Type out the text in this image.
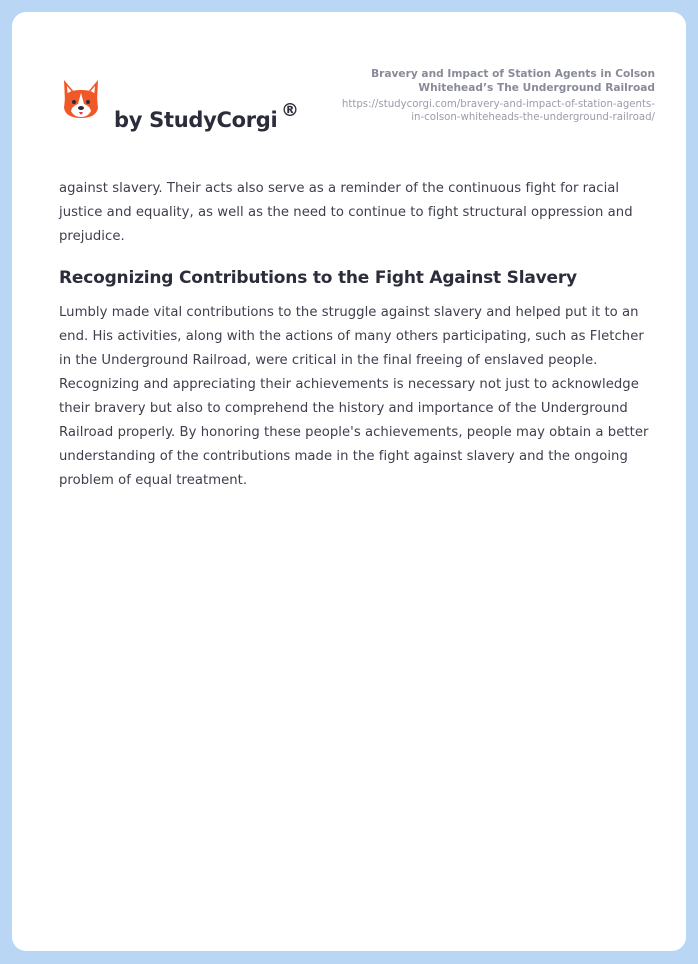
by StudyCorgi ®
Bravery and Impact of Station Agents in Colson
Whitehead’s The Underground Railroad
https://studycorgi.com/bravery-and-impact-of-station-agents-
in-colson-whiteheads-the-underground-railroad/

against slavery. Their acts also serve as a reminder of the continuous fight for racial justice and equality, as well as the need to continue to fight structural oppression and prejudice.

Recognizing Contributions to the Fight Against Slavery

Lumbly made vital contributions to the struggle against slavery and helped put it to an end. His activities, along with the actions of many others participating, such as Fletcher in the Underground Railroad, were critical in the final freeing of enslaved people. Recognizing and appreciating their achievements is necessary not just to acknowledge their bravery but also to comprehend the history and importance of the Underground Railroad properly. By honoring these people's achievements, people may obtain a better understanding of the contributions made in the fight against slavery and the ongoing problem of equal treatment.
